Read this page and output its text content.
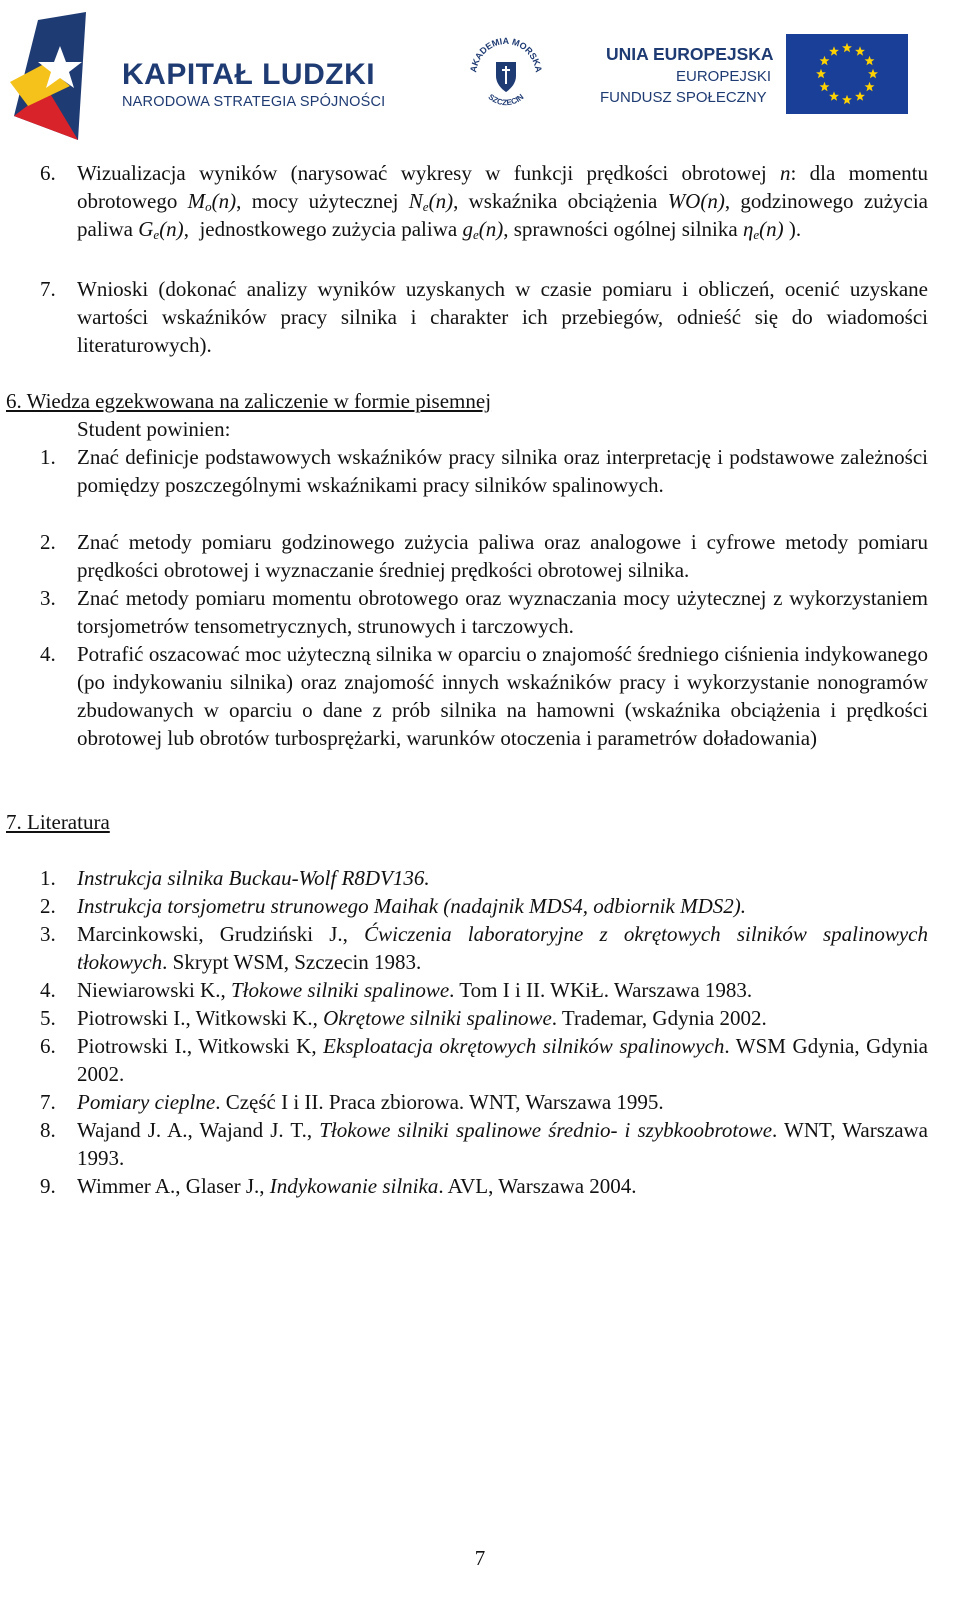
KAPITAŁ LUDZKI
NARODOWA STRATEGIA SPÓJNOŚCI
AKADEMIA MORSKA
SZCZECIN
UNIA EUROPEJSKA
EUROPEJSKI
FUNDUSZ SPOŁECZNY
6. Wizualizacja wyników (narysować wykresy w funkcji prędkości obrotowej n: dla momentu obrotowego $M_o(n)$, mocy użytecznej $N_e(n)$, wskaźnika obciążenia WO(n), godzinowego zużycia paliwa $G_e(n)$,  jednostkowego zużycia paliwa $g_e(n)$, sprawności ogólnej silnika $\eta_e(n)$ ).
7. Wnioski (dokonać analizy wyników uzyskanych w czasie pomiaru i obliczeń, ocenić uzyskane wartości wskaźników pracy silnika i charakter ich przebiegów, odnieść się do wiadomości literaturowych).
6. Wiedza egzekwowana na zaliczenie w formie pisemnej
Student powinien:
1. Znać definicje podstawowych wskaźników pracy silnika oraz interpretację i podstawowe zależności pomiędzy poszczególnymi wskaźnikami pracy silników spalinowych.
2. Znać metody pomiaru godzinowego zużycia paliwa oraz analogowe i cyfrowe metody pomiaru prędkości obrotowej i wyznaczanie średniej prędkości obrotowej silnika.
3. Znać metody pomiaru momentu obrotowego oraz wyznaczania mocy użytecznej z wykorzystaniem torsjometrów tensometrycznych, strunowych i tarczowych.
4. Potrafić oszacować moc użyteczną silnika w oparciu o znajomość średniego ciśnienia indykowanego (po indykowaniu silnika) oraz znajomość innych wskaźników pracy i wykorzystanie nonogramów zbudowanych w oparciu o dane z prób silnika na hamowni (wskaźnika obciążenia i prędkości obrotowej lub obrotów turbosprężarki, warunków otoczenia i parametrów doładowania)
7. Literatura
1. Instrukcja silnika Buckau-Wolf R8DV136.
2. Instrukcja torsjometru strunowego Maihak (nadajnik MDS4, odbiornik MDS2).
3. Marcinkowski, Grudziński J., Ćwiczenia laboratoryjne z okrętowych silników spalinowych tłokowych. Skrypt WSM, Szczecin 1983.
4. Niewiarowski K., Tłokowe silniki spalinowe. Tom I i II. WKiŁ. Warszawa 1983.
5. Piotrowski I., Witkowski K., Okrętowe silniki spalinowe. Trademar, Gdynia 2002.
6. Piotrowski I., Witkowski K, Eksploatacja okrętowych silników spalinowych. WSM Gdynia, Gdynia 2002.
7. Pomiary cieplne. Część I i II. Praca zbiorowa. WNT, Warszawa 1995.
8. Wajand J. A., Wajand J. T., Tłokowe silniki spalinowe średnio- i szybkoobrotowe. WNT, Warszawa 1993.
9. Wimmer A., Glaser J., Indykowanie silnika. AVL, Warszawa 2004.
7
